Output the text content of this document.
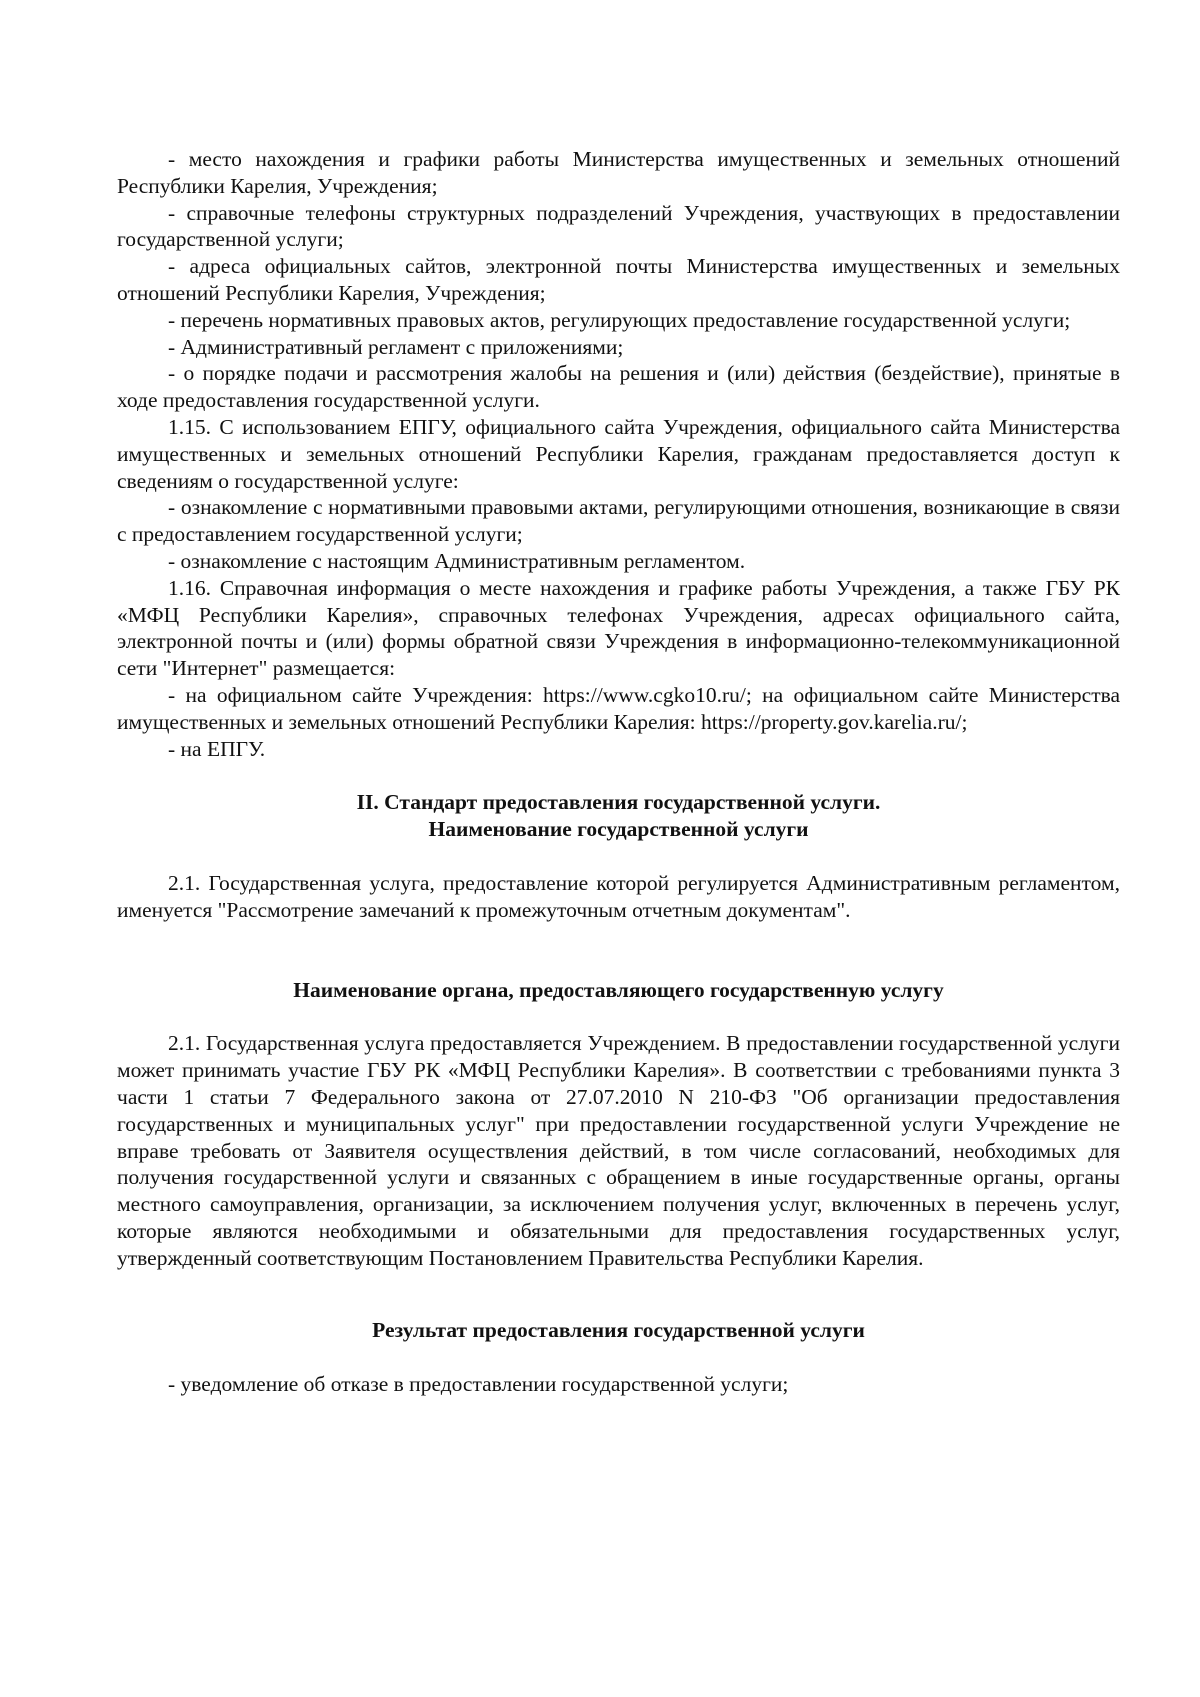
- место нахождения и графики работы Министерства имущественных и земельных отношений Республики Карелия, Учреждения;

- справочные телефоны структурных подразделений Учреждения, участвующих в предоставлении государственной услуги;

- адреса официальных сайтов, электронной почты Министерства имущественных и земельных отношений Республики Карелия, Учреждения;

- перечень нормативных правовых актов, регулирующих предоставление государственной услуги;

- Административный регламент с приложениями;

- о порядке подачи и рассмотрения жалобы на решения и (или) действия (бездействие), принятые в ходе предоставления государственной услуги.

1.15. С использованием ЕПГУ, официального сайта Учреждения, официального сайта Министерства имущественных и земельных отношений Республики Карелия, гражданам предоставляется доступ к сведениям о государственной услуге:

- ознакомление с нормативными правовыми актами, регулирующими отношения, возникающие в связи с предоставлением государственной услуги;

- ознакомление с настоящим Административным регламентом.

1.16. Справочная информация о месте нахождения и графике работы Учреждения, а также ГБУ РК «МФЦ Республики Карелия», справочных телефонах Учреждения, адресах официального сайта, электронной почты и (или) формы обратной связи Учреждения в информационно-телекоммуникационной сети "Интернет" размещается:

- на официальном сайте Учреждения: https://www.cgko10.ru/; на официальном сайте Министерства имущественных и земельных отношений Республики Карелия: https://property.gov.karelia.ru/;

- на ЕПГУ.

II. Стандарт предоставления государственной услуги.

Наименование государственной услуги

2.1. Государственная услуга, предоставление которой регулируется Административным регламентом, именуется "Рассмотрение замечаний к промежуточным отчетным документам".

Наименование органа, предоставляющего государственную услугу

2.1. Государственная услуга предоставляется Учреждением. В предоставлении государственной услуги может принимать участие ГБУ РК «МФЦ Республики Карелия». В соответствии с требованиями пункта 3 части 1 статьи 7 Федерального закона от 27.07.2010 N 210-ФЗ "Об организации предоставления государственных и муниципальных услуг" при предоставлении государственной услуги Учреждение не вправе требовать от Заявителя осуществления действий, в том числе согласований, необходимых для получения государственной услуги и связанных с обращением в иные государственные органы, органы местного самоуправления, организации, за исключением получения услуг, включенных в перечень услуг, которые являются необходимыми и обязательными для предоставления государственных услуг, утвержденный соответствующим Постановлением Правительства Республики Карелия.

Результат предоставления государственной услуги

- уведомление об отказе в предоставлении государственной услуги;
